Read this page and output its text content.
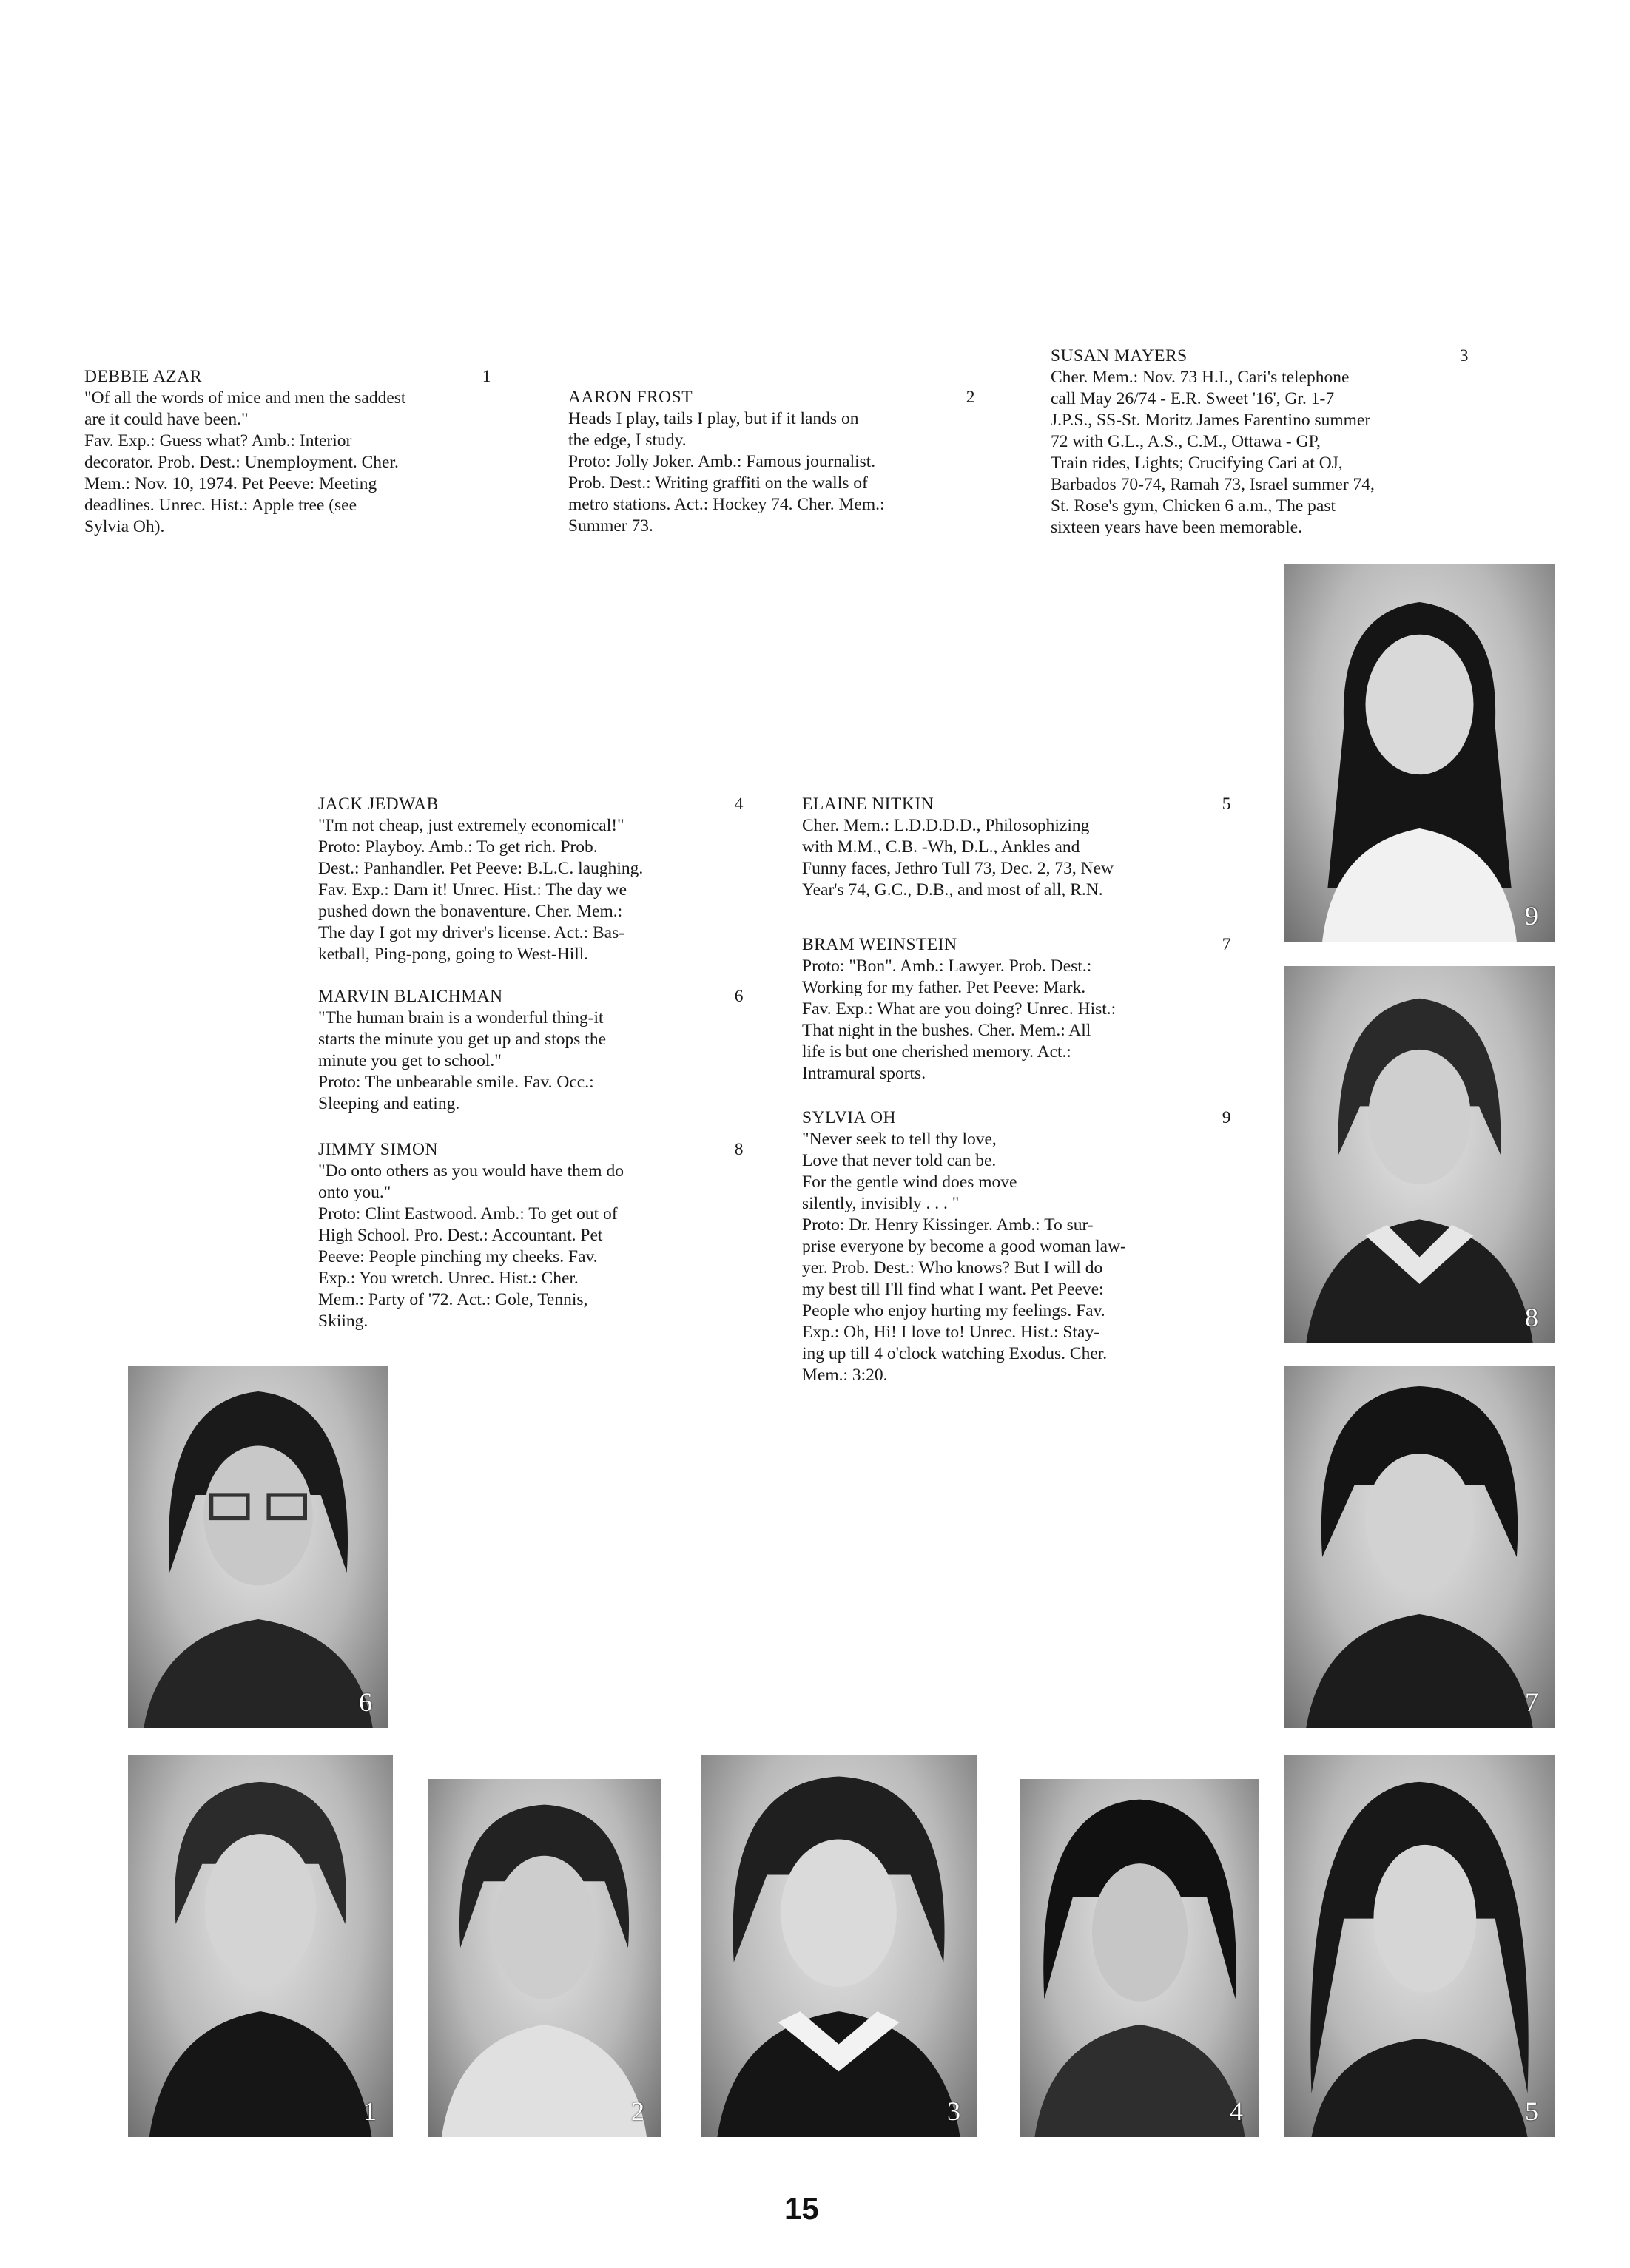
DEBBIE AZAR	1
"Of all the words of mice and men the saddest
are it could have been."
Fav. Exp.: Guess what? Amb.: Interior
decorator. Prob. Dest.: Unemployment. Cher.
Mem.: Nov. 10, 1974. Pet Peeve: Meeting
deadlines. Unrec. Hist.: Apple tree (see
Sylvia Oh).
AARON FROST	2
Heads I play, tails I play, but if it lands on
the edge, I study.
Proto: Jolly Joker. Amb.: Famous journalist.
Prob. Dest.: Writing graffiti on the walls of
metro stations. Act.: Hockey 74. Cher. Mem.:
Summer 73.
SUSAN MAYERS	3
Cher. Mem.: Nov. 73 H.I., Cari's telephone
call May 26/74 - E.R. Sweet '16', Gr. 1-7
J.P.S., SS-St. Moritz James Farentino summer
72 with G.L., A.S., C.M., Ottawa - GP,
Train rides, Lights; Crucifying Cari at OJ,
Barbados 70-74, Ramah 73, Israel summer 74,
St. Rose's gym, Chicken 6 a.m., The past
sixteen years have been memorable.
JACK JEDWAB	4
"I'm not cheap, just extremely economical!"
Proto: Playboy. Amb.: To get rich. Prob.
Dest.: Panhandler. Pet Peeve: B.L.C. laughing.
Fav. Exp.: Darn it! Unrec. Hist.: The day we
pushed down the bonaventure. Cher. Mem.:
The day I got my driver's license. Act.: Bas-
ketball, Ping-pong, going to West-Hill.
ELAINE NITKIN	5
Cher. Mem.: L.D.D.D.D., Philosophizing
with M.M., C.B. -Wh, D.L., Ankles and
Funny faces, Jethro Tull 73, Dec. 2, 73, New
Year's 74, G.C., D.B., and most of all, R.N.
MARVIN BLAICHMAN	6
"The human brain is a wonderful thing-it
starts the minute you get up and stops the
minute you get to school."
Proto: The unbearable smile. Fav. Occ.:
Sleeping and eating.
BRAM WEINSTEIN	7
Proto: "Bon". Amb.: Lawyer. Prob. Dest.:
Working for my father. Pet Peeve: Mark.
Fav. Exp.: What are you doing? Unrec. Hist.:
That night in the bushes. Cher. Mem.: All
life is but one cherished memory. Act.:
Intramural sports.
JIMMY SIMON	8
"Do onto others as you would have them do
onto you."
Proto: Clint Eastwood. Amb.: To get out of
High School. Pro. Dest.: Accountant. Pet
Peeve: People pinching my cheeks. Fav.
Exp.: You wretch. Unrec. Hist.: Cher.
Mem.: Party of '72. Act.: Gole, Tennis,
Skiing.
SYLVIA OH	9
"Never seek to tell thy love,
Love that never told can be.
For the gentle wind does move
silently, invisibly . . . "
Proto: Dr. Henry Kissinger. Amb.: To sur-
prise everyone by become a good woman law-
yer. Prob. Dest.: Who knows? But I will do
my best till I'll find what I want. Pet Peeve:
People who enjoy hurting my feelings. Fav.
Exp.: Oh, Hi! I love to! Unrec. Hist.: Stay-
ing up till 4 o'clock watching Exodus. Cher.
Mem.: 3:20.
9
8
6	7
1	2	3	4	5
15
